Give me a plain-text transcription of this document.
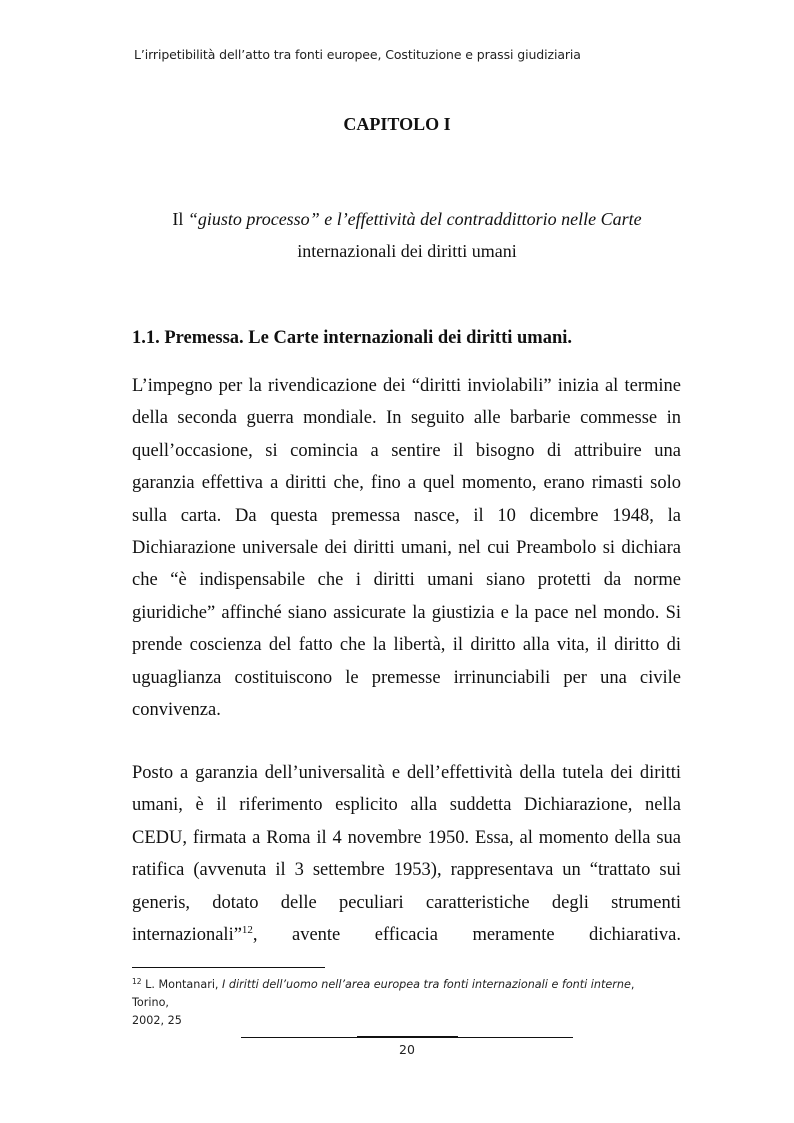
L’irripetibilità dell’atto tra fonti europee, Costituzione e prassi giudiziaria
CAPITOLO I
Il “giusto processo” e l’effettività del contraddittorio nelle Carte
internazionali dei diritti umani
1.1. Premessa. Le Carte internazionali dei diritti umani.
L’impegno per la rivendicazione dei “diritti inviolabili” inizia al termine
della seconda guerra mondiale. In seguito alle barbarie commesse in
quell’occasione, si comincia a sentire il bisogno di attribuire una
garanzia effettiva a diritti che, fino a quel momento, erano rimasti solo
sulla carta. Da questa premessa nasce, il 10 dicembre 1948, la
Dichiarazione universale dei diritti umani, nel cui Preambolo si dichiara
che “è indispensabile che i diritti umani siano protetti da norme
giuridiche” affinché siano assicurate la giustizia e la pace nel mondo. Si
prende coscienza del fatto che la libertà, il diritto alla vita, il diritto di
uguaglianza costituiscono le premesse irrinunciabili per una civile
convivenza.
Posto a garanzia dell’universalità e dell’effettività della tutela dei diritti
umani, è il riferimento esplicito alla suddetta Dichiarazione, nella
CEDU, firmata a Roma il 4 novembre 1950. Essa, al momento della sua
ratifica (avvenuta il 3 settembre 1953), rappresentava un “trattato sui
generis, dotato delle peculiari caratteristiche degli strumenti
internazionali”$^{12}$, avente efficacia meramente dichiarativa.
$^{12}$ L. Montanari, I diritti dell’uomo nell’area europea tra fonti internazionali e fonti interne, Torino,
2002, 25
20
